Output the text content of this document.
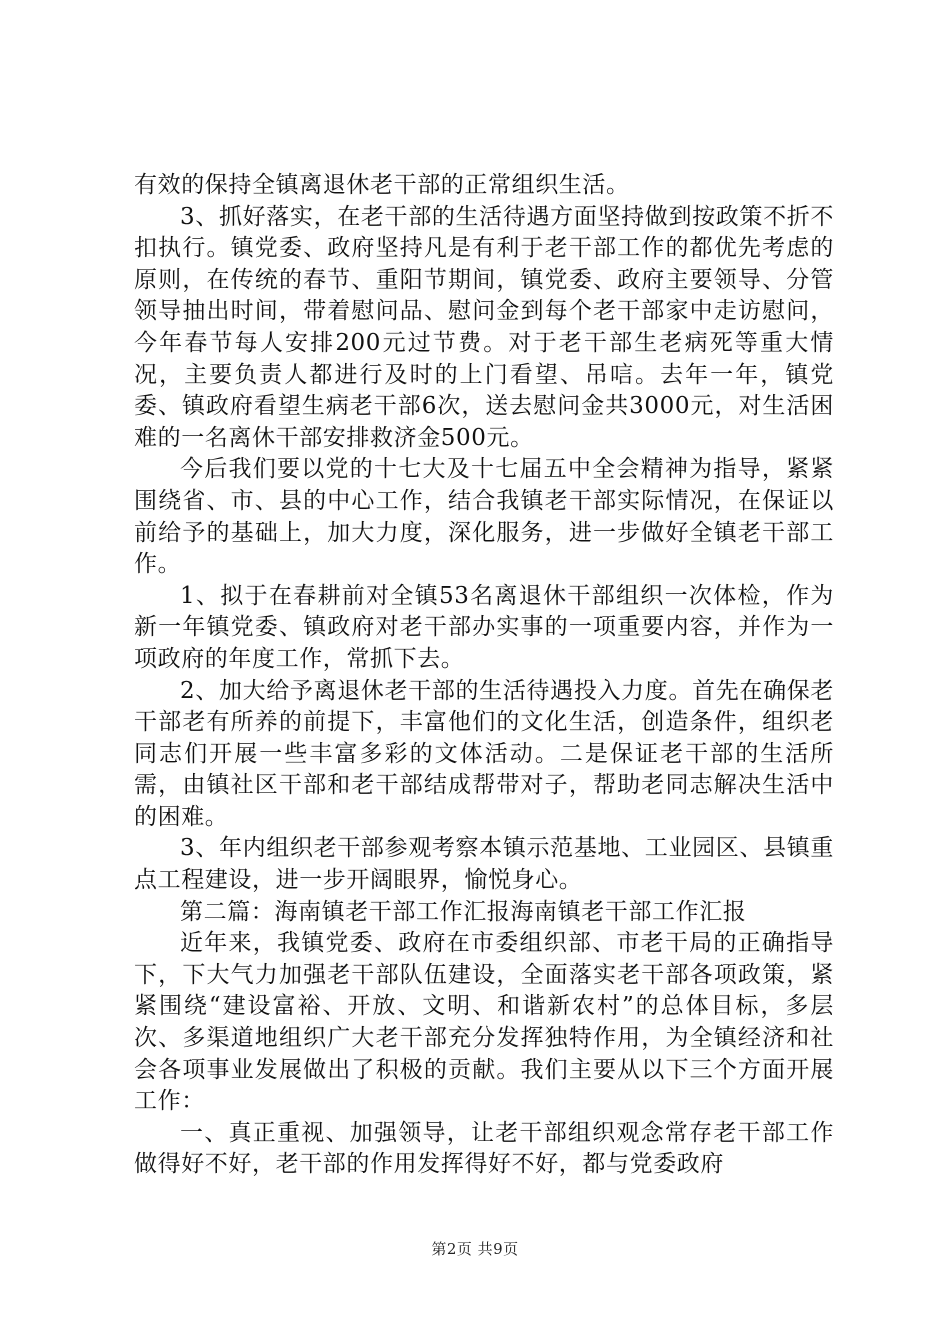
有效的保持全镇离退休老干部的正常组织生活。

3、抓好落实，在老干部的生活待遇方面坚持做到按政策不折不扣执行。镇党委、政府坚持凡是有利于老干部工作的都优先考虑的原则，在传统的春节、重阳节期间，镇党委、政府主要领导、分管领导抽出时间，带着慰问品、慰问金到每个老干部家中走访慰问，今年春节每人安排200元过节费。对于老干部生老病死等重大情况，主要负责人都进行及时的上门看望、吊唁。去年一年，镇党委、镇政府看望生病老干部6次，送去慰问金共3000元，对生活困难的一名离休干部安排救济金500元。

今后我们要以党的十七大及十七届五中全会精神为指导，紧紧围绕省、市、县的中心工作，结合我镇老干部实际情况，在保证以前给予的基础上，加大力度，深化服务，进一步做好全镇老干部工作。

1、拟于在春耕前对全镇53名离退休干部组织一次体检，作为新一年镇党委、镇政府对老干部办实事的一项重要内容，并作为一项政府的年度工作，常抓下去。

2、加大给予离退休老干部的生活待遇投入力度。首先在确保老干部老有所养的前提下，丰富他们的文化生活，创造条件，组织老同志们开展一些丰富多彩的文体活动。二是保证老干部的生活所需，由镇社区干部和老干部结成帮带对子，帮助老同志解决生活中的困难。

3、年内组织老干部参观考察本镇示范基地、工业园区、县镇重点工程建设，进一步开阔眼界，愉悦身心。

第二篇：海南镇老干部工作汇报海南镇老干部工作汇报

近年来，我镇党委、政府在市委组织部、市老干局的正确指导下，下大气力加强老干部队伍建设，全面落实老干部各项政策，紧紧围绕“建设富裕、开放、文明、和谐新农村”的总体目标，多层次、多渠道地组织广大老干部充分发挥独特作用，为全镇经济和社会各项事业发展做出了积极的贡献。我们主要从以下三个方面开展工作：

一、真正重视、加强领导，让老干部组织观念常存老干部工作做得好不好，老干部的作用发挥得好不好，都与党委政府

第2页 共9页
